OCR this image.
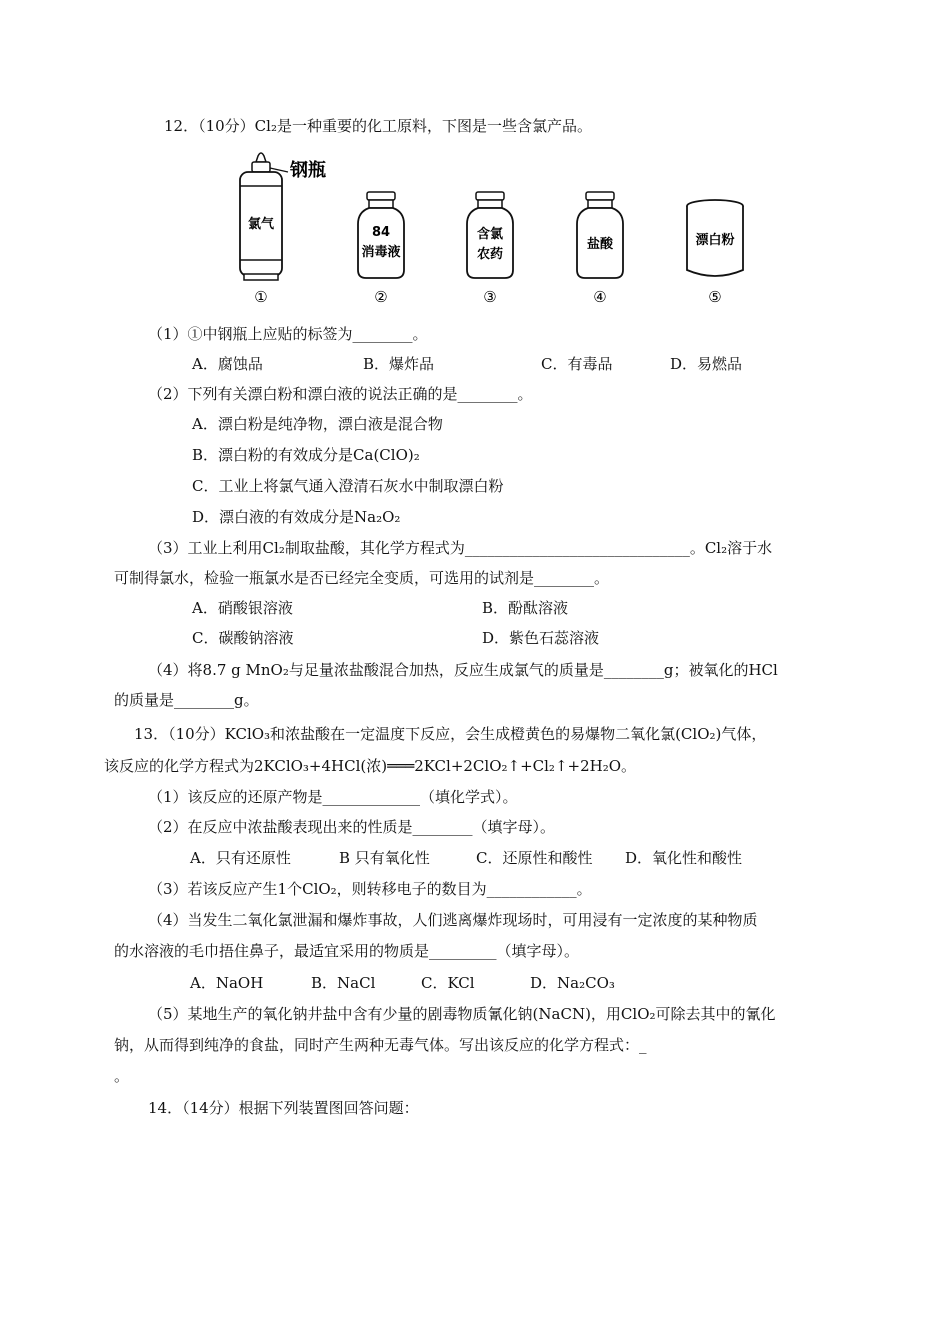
12．（10分）Cl₂是一种重要的化工原料，下图是一些含氯产品。
钢瓶
氯气
①
84
消毒液
②
含氯
农药
③
盐酸
④
漂白粉
⑤
（1）①中钢瓶上应贴的标签为________。
A．腐蚀品	B．爆炸品	C．有毒品	D．易燃品
（2）下列有关漂白粉和漂白液的说法正确的是________。
A．漂白粉是纯净物，漂白液是混合物
B．漂白粉的有效成分是Ca(ClO)₂
C．工业上将氯气通入澄清石灰水中制取漂白粉
D．漂白液的有效成分是Na₂O₂
（3）工业上利用Cl₂制取盐酸，其化学方程式为______________________________。Cl₂溶于水
可制得氯水，检验一瓶氯水是否已经完全变质，可选用的试剂是________。
A．硝酸银溶液	B．酚酞溶液
C．碳酸钠溶液	D．紫色石蕊溶液
（4）将8.7 g MnO₂与足量浓盐酸混合加热，反应生成氯气的质量是________g；被氧化的HCl
的质量是________g。
13．（10分）KClO₃和浓盐酸在一定温度下反应，会生成橙黄色的易爆物二氧化氯(ClO₂)气体，
该反应的化学方程式为2KClO₃+4HCl(浓)═══2KCl+2ClO₂↑+Cl₂↑+2H₂O。
（1）该反应的还原产物是_____________（填化学式）。
（2）在反应中浓盐酸表现出来的性质是________（填字母）。
A．只有还原性	B 只有氧化性	C．还原性和酸性 D．氧化性和酸性
（3）若该反应产生1个ClO₂，则转移电子的数目为____________。
（4）当发生二氧化氯泄漏和爆炸事故，人们逃离爆炸现场时，可用浸有一定浓度的某种物质
的水溶液的毛巾捂住鼻子，最适宜采用的物质是_________（填字母）。
A．NaOH	B．NaCl	C．KCl	D．Na₂CO₃
（5）某地生产的氧化钠井盐中含有少量的剧毒物质氰化钠(NaCN)，用ClO₂可除去其中的氰化
钠，从而得到纯净的食盐，同时产生两种无毒气体。写出该反应的化学方程式：_
。
14．（14分）根据下列装置图回答问题：
